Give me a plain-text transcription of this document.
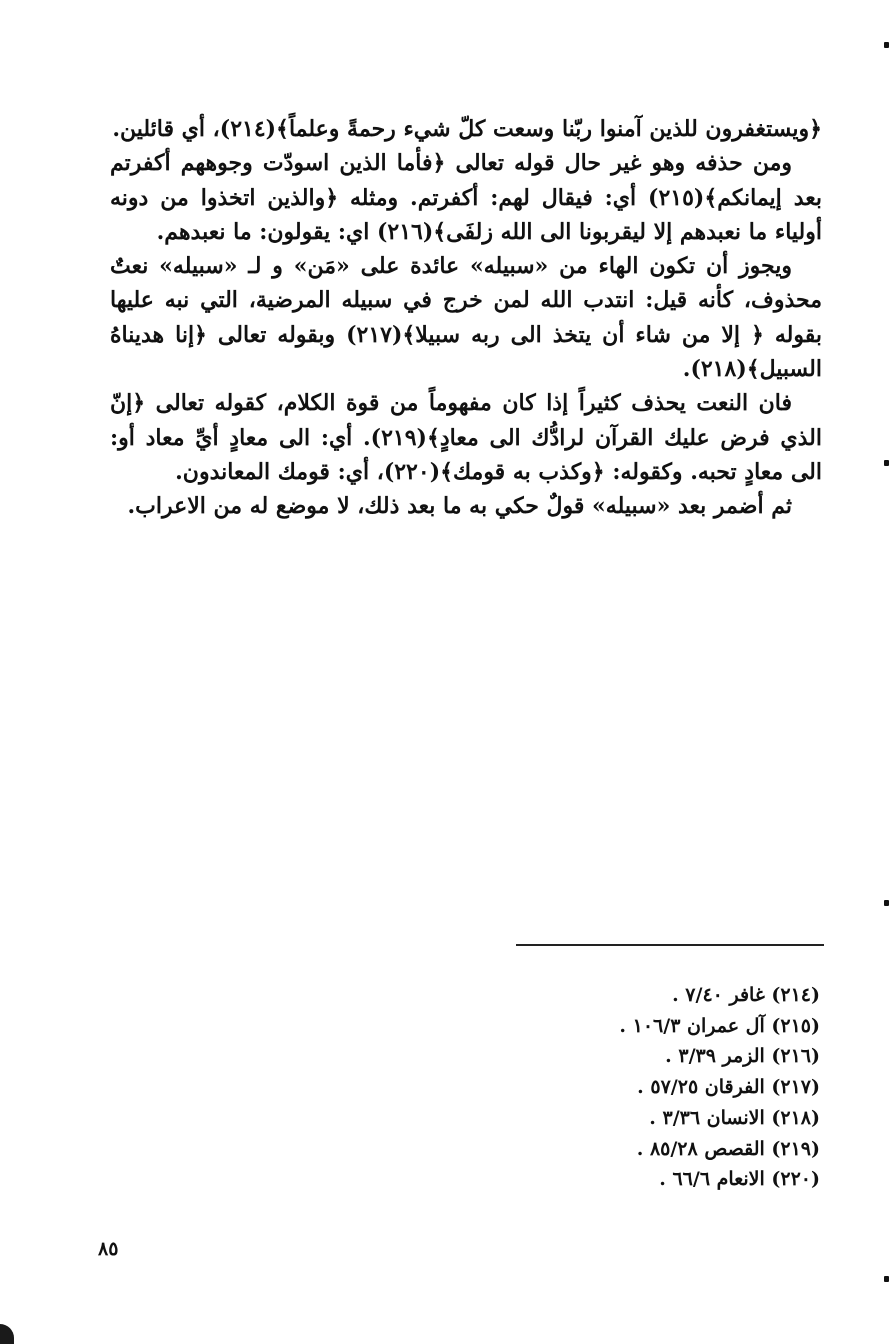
﴿ويستغفرون للذين آمنوا ربّنا وسعت كلّ شيء رحمةً وعلماً﴾(٢١٤)، أي قائلين.

ومن حذفه وهو غير حال قوله تعالى ﴿فأما الذين اسودّت وجوههم أكفرتم بعد إيمانكم﴾(٢١٥) أي: فيقال لهم: أكفرتم. ومثله ﴿والذين اتخذوا من دونه أولياء ما نعبدهم إلا ليقربونا الى الله زلفَى﴾(٢١٦) اي: يقولون: ما نعبدهم.

ويجوز أن تكون الهاء من «سبيله» عائدة على «مَن» و لـ «سبيله» نعتٌ محذوف، كأنه قيل: انتدب الله لمن خرج في سبيله المرضية، التي نبه عليها بقوله ﴿ إلا من شاء أن يتخذ الى ربه سبيلا﴾(٢١٧) وبقوله تعالى ﴿إنا هديناهُ السبيل﴾(٢١٨).

فان النعت يحذف كثيراً إذا كان مفهوماً من قوة الكلام، كقوله تعالى ﴿إنّ الذي فرض عليك القرآن لرادُّك الى معادٍ﴾(٢١٩). أي: الى معادٍ أيِّ معاد أو: الى معادٍ تحبه. وكقوله: ﴿وكذب به قومك﴾(٢٢٠)، أي: قومك المعاندون.

ثم أضمر بعد «سبيله» قولٌ حكي به ما بعد ذلك، لا موضع له من الاعراب.

(٢١٤) غافر ٧/٤٠ .
(٢١٥) آل عمران ١٠٦/٣ .
(٢١٦) الزمر ٣/٣٩ .
(٢١٧) الفرقان ٥٧/٢٥ .
(٢١٨) الانسان ٣/٣٦ .
(٢١٩) القصص ٨٥/٢٨ .
(٢٢٠) الانعام ٦٦/٦ .
٨٥
